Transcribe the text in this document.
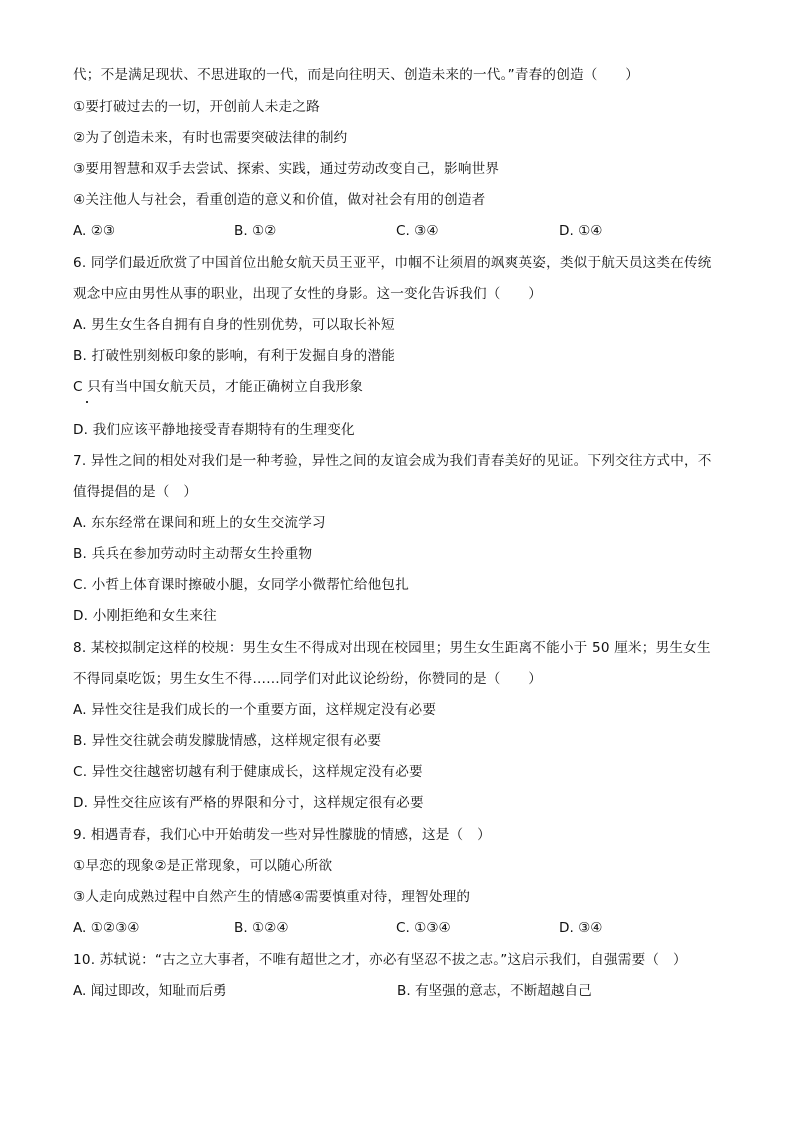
代；不是满足现状、不思进取的一代，而是向往明天、创造未来的一代。”青春的创造（　　）
①要打破过去的一切，开创前人未走之路
②为了创造未来，有时也需要突破法律的制约
③要用智慧和双手去尝试、探索、实践，通过劳动改变自己，影响世界
④关注他人与社会，看重创造的意义和价值，做对社会有用的创造者
A. ②③	B. ①②	C. ③④	D. ①④
6. 同学们最近欣赏了中国首位出舱女航天员王亚平，巾帼不让须眉的飒爽英姿，类似于航天员这类在传统
观念中应由男性从事的职业，出现了女性的身影。这一变化告诉我们（　　）
A. 男生女生各自拥有自身的性别优势，可以取长补短
B. 打破性别刻板印象的影响，有利于发掘自身的潜能
C 只有当中国女航天员，才能正确树立自我形象
D. 我们应该平静地接受青春期特有的生理变化
7. 异性之间的相处对我们是一种考验，异性之间的友谊会成为我们青春美好的见证。下列交往方式中，不
值得提倡的是（　）
A. 东东经常在课间和班上的女生交流学习
B. 兵兵在参加劳动时主动帮女生拎重物
C. 小哲上体育课时擦破小腿，女同学小微帮忙给他包扎
D. 小刚拒绝和女生来往
8. 某校拟制定这样的校规：男生女生不得成对出现在校园里；男生女生距离不能小于 50 厘米；男生女生
不得同桌吃饭；男生女生不得……同学们对此议论纷纷，你赞同的是（　　）
A. 异性交往是我们成长的一个重要方面，这样规定没有必要
B. 异性交往就会萌发朦胧情感，这样规定很有必要
C. 异性交往越密切越有利于健康成长，这样规定没有必要
D. 异性交往应该有严格的界限和分寸，这样规定很有必要
9. 相遇青春，我们心中开始萌发一些对异性朦胧的情感，这是（　）
①早恋的现象②是正常现象，可以随心所欲
③人走向成熟过程中自然产生的情感④需要慎重对待，理智处理的
A. ①②③④	B. ①②④	C. ①③④	D. ③④
10. 苏轼说：“古之立大事者，不唯有超世之才，亦必有坚忍不拔之志。”这启示我们，自强需要（　）
A. 闻过即改，知耻而后勇	B. 有坚强的意志，不断超越自己
